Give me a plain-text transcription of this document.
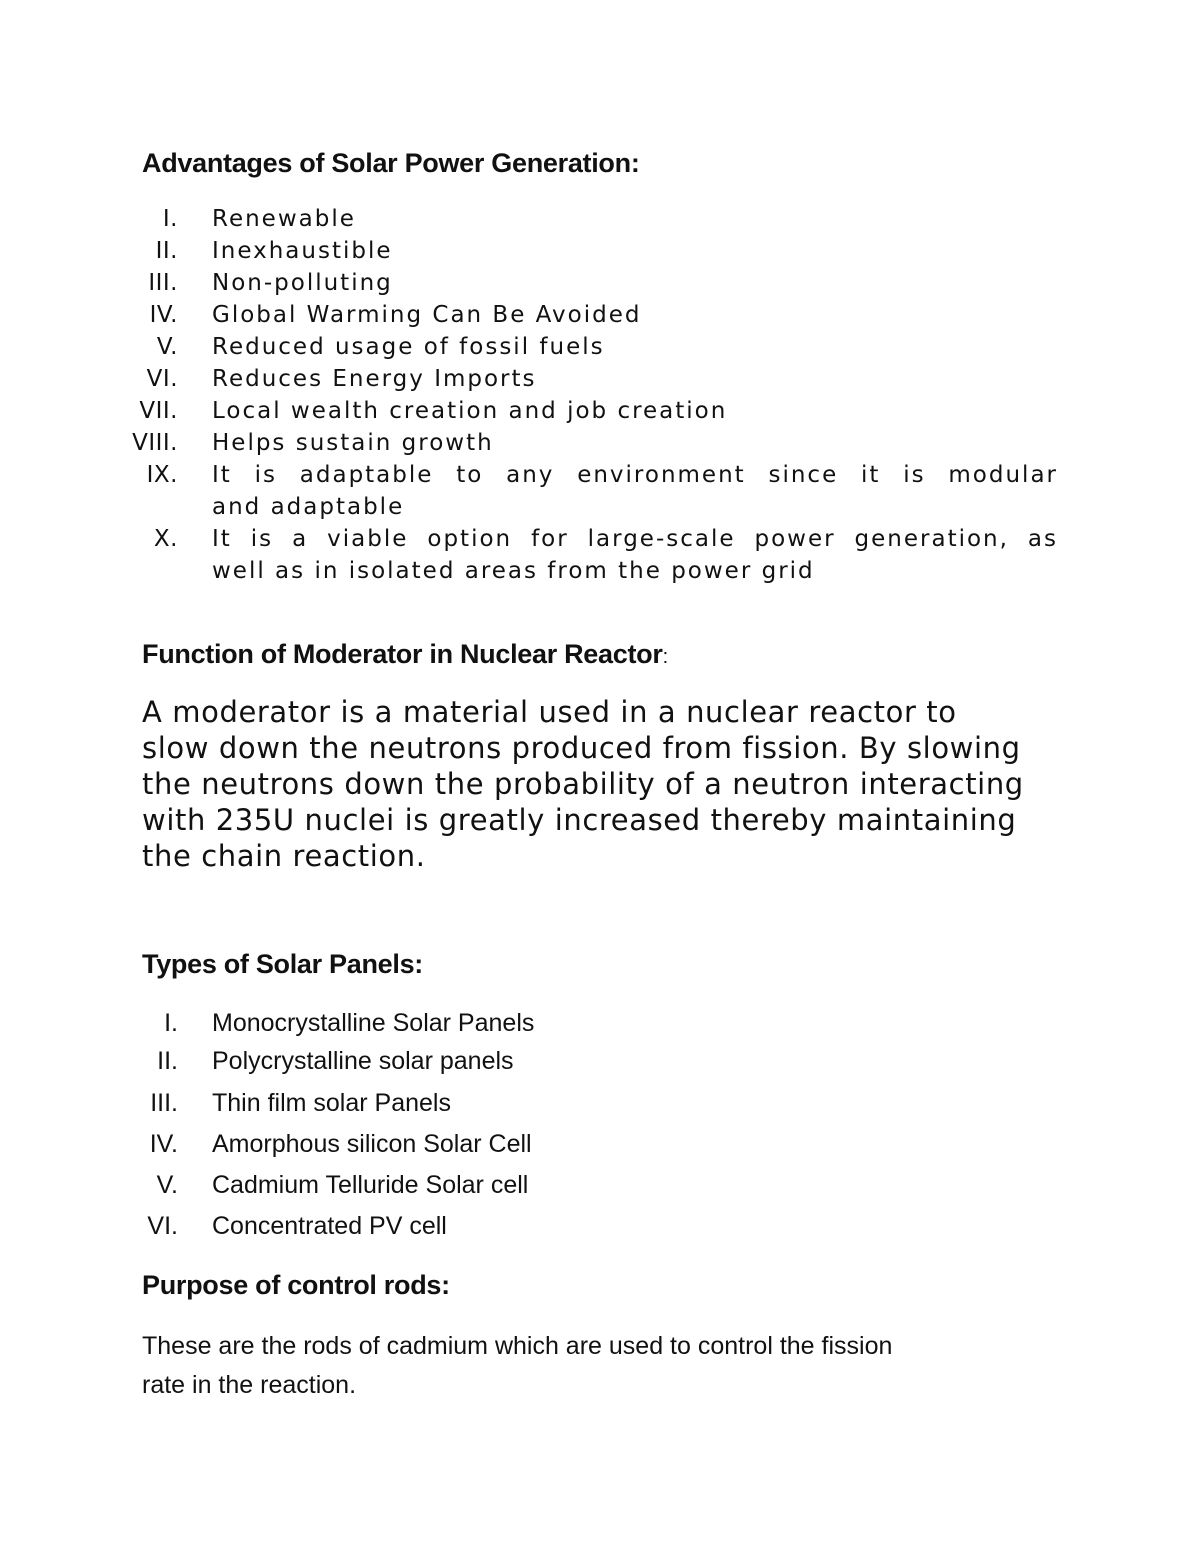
Advantages of Solar Power Generation:
I. Renewable
II. Inexhaustible
III. Non-polluting
IV. Global Warming Can Be Avoided
V. Reduced usage of fossil fuels
VI. Reduces Energy Imports
VII. Local wealth creation and job creation
VIII. Helps sustain growth
IX. It is adaptable to any environment since it is modular
and adaptable
X. It is a viable option for large-scale power generation, as
well as in isolated areas from the power grid
Function of Moderator in Nuclear Reactor:
A moderator is a material used in a nuclear reactor to
slow down the neutrons produced from fission. By slowing
the neutrons down the probability of a neutron interacting
with 235U nuclei is greatly increased thereby maintaining
the chain reaction.
Types of Solar Panels:
I. Monocrystalline Solar Panels
II. Polycrystalline solar panels
III. Thin film solar Panels
IV. Amorphous silicon Solar Cell
V. Cadmium Telluride Solar cell
VI. Concentrated PV cell
Purpose of control rods:
These are the rods of cadmium which are used to control the fission
rate in the reaction.
